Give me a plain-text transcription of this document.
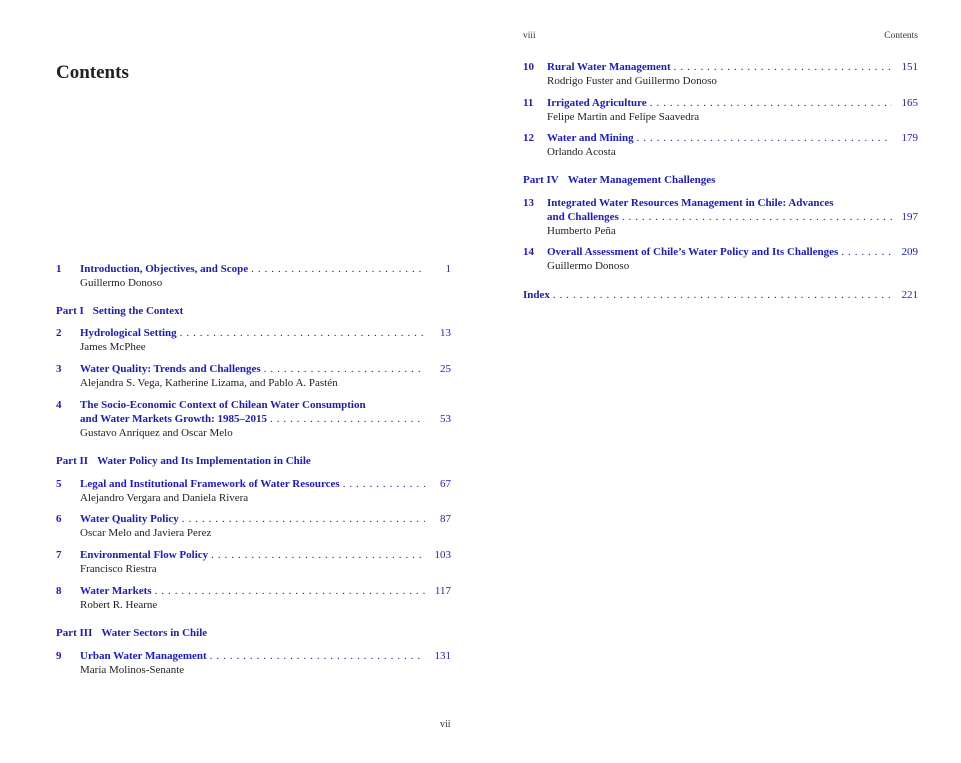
Contents
1 Introduction, Objectives, and Scope . . .	1
Guillermo Donoso
Part I Setting the Context
2 Hydrological Setting . . .	13
James McPhee
3 Water Quality: Trends and Challenges . . .	25
Alejandra S. Vega, Katherine Lizama, and Pablo A. Pastén
4 The Socio-Economic Context of Chilean Water Consumption
and Water Markets Growth: 1985–2015 . . .	53
Gustavo Anríquez and Oscar Melo
Part II Water Policy and Its Implementation in Chile
5 Legal and Institutional Framework of Water Resources . . .	67
Alejandro Vergara and Daniela Rivera
6 Water Quality Policy . . .	87
Oscar Melo and Javiera Perez
7 Environmental Flow Policy . . .	103
Francisco Riestra
8 Water Markets . . .	117
Robert R. Hearne
Part III Water Sectors in Chile
9 Urban Water Management . . .	131
María Molinos-Senante
vii
viii	Contents
10 Rural Water Management . . .	151
Rodrigo Fuster and Guillermo Donoso
11 Irrigated Agriculture . . .	165
Felipe Martin and Felipe Saavedra
12 Water and Mining . . .	179
Orlando Acosta
Part IV Water Management Challenges
13 Integrated Water Resources Management in Chile: Advances
and Challenges . . .	197
Humberto Peña
14 Overall Assessment of Chile’s Water Policy and Its Challenges . . .	209
Guillermo Donoso
Index . . .	221
